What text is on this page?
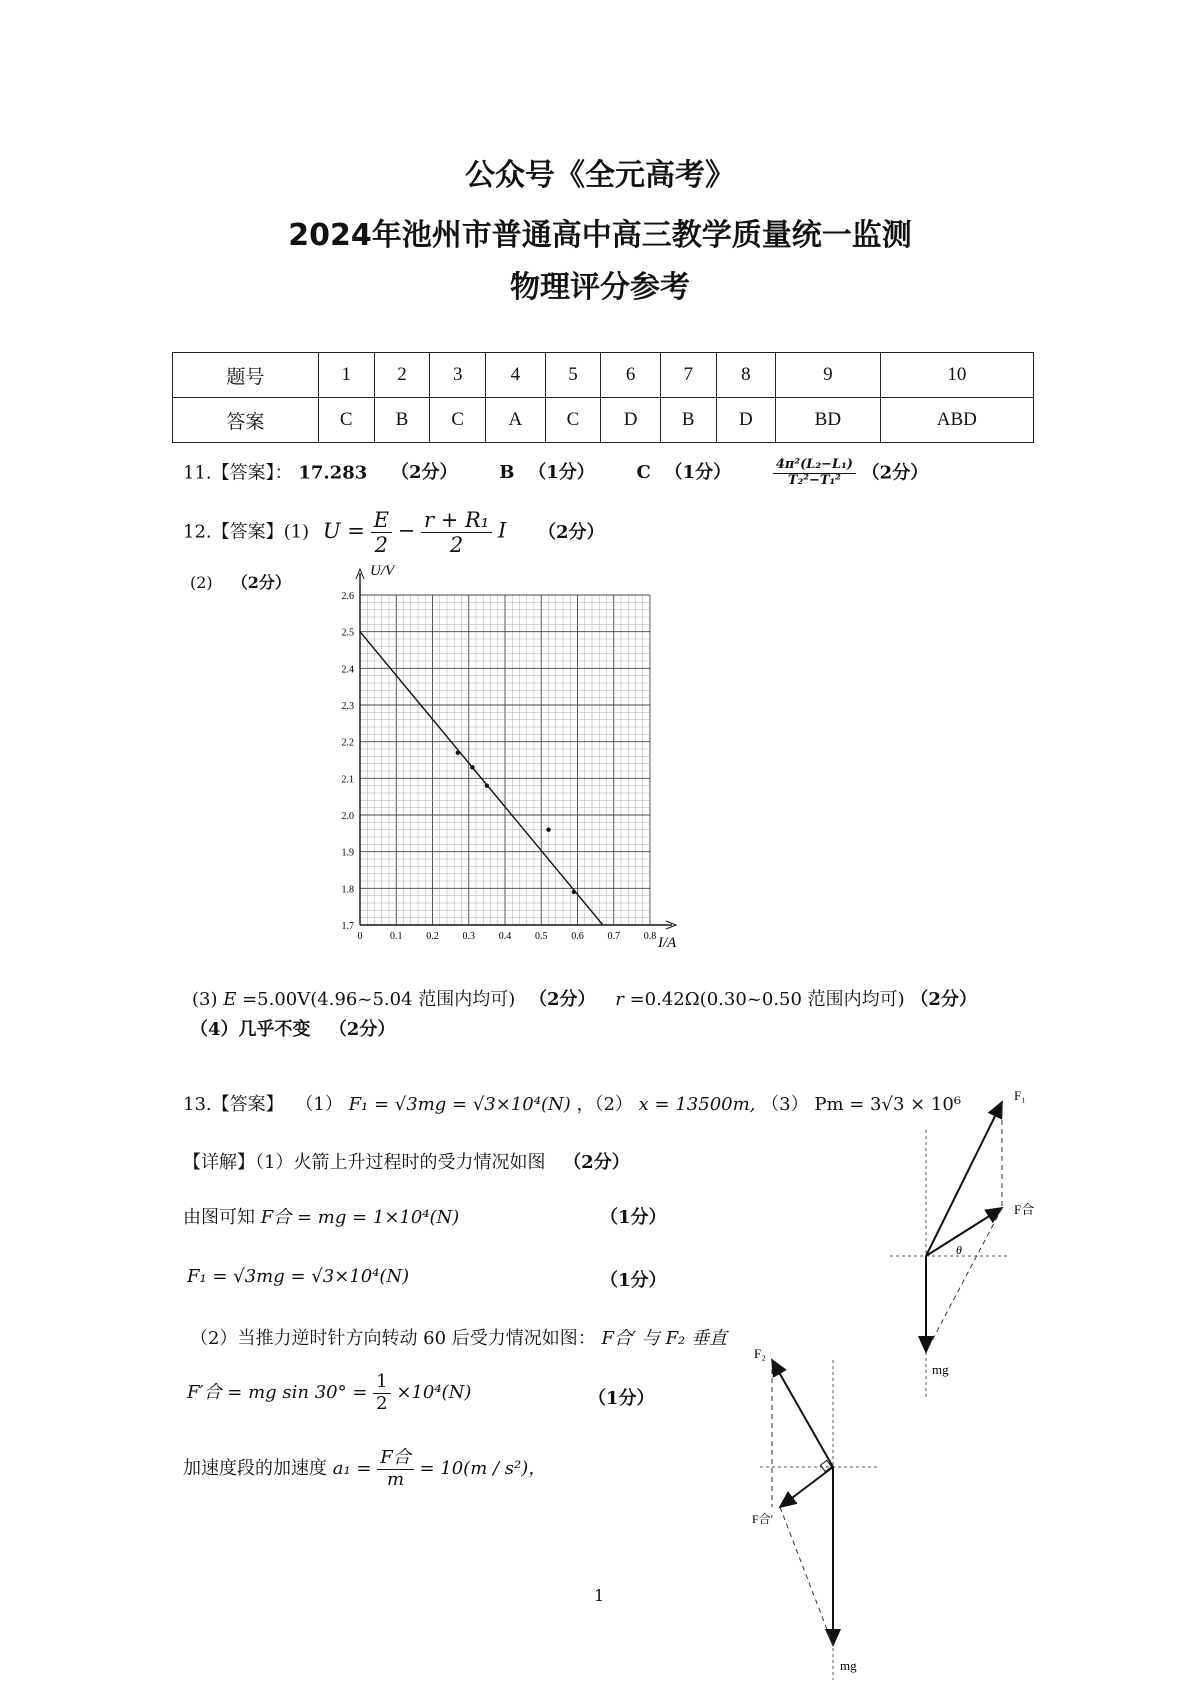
公众号《全元高考》
2024年池州市普通高中高三教学质量统一监测
物理评分参考
题号	1	2	3	4	5	6	7	8	9	10
答案	C	B	C	A	C	D	B	D	BD	ABD
11.【答案】： 17.283 （2分） B （1分） C （1分）	$\frac{\text{4π²(L₂−L₁)}}{\text{T₂²−T₁²}} (2$分）
12.【答案】(1) $U = \frac{E}{2} - \frac{\text{r + R₁}}{2}$ I （2分）
(2) （2分）
0	0.1 0.2 0.3 0.4 0.5 0.6 0.7 0.8
1.7
1.8
1.9
2.0
2.1
2.2
2.3
2.4
2.5
2.6
U/V
I/A
(3) E =5.00V(4.96~5.04 范围内均可) （2分） r =0.42Ω(0.30~0.50 范围内均可) （2分）
（4）几乎不变 （2分）
13.【答案】 （1） F₁ = √3mg = √3×10⁴(N) ，（2） x = 13500m, （3） Pm = 3√3 × 10⁶
【详解】（1）火箭上升过程时的受力情况如图 （2分）
由图可知 F合 = mg = 1×10⁴(N)	（1分）
F₁ = √3mg = √3×10⁴(N)	（1分）
（2）当推力逆时针方向转动 60 后受力情况如图： F合′ 与 F₂ 垂直
F′合 = mg $\sin 30^\circ = \frac{1}{2} \times 10^4(N)$	（1分）
加速度段的加速度 $a_1 = \frac{\text{F合}}{m} = 10(m / s^2)$，
F₁
F合
θ
mg
F₂
F合′
mg
1
